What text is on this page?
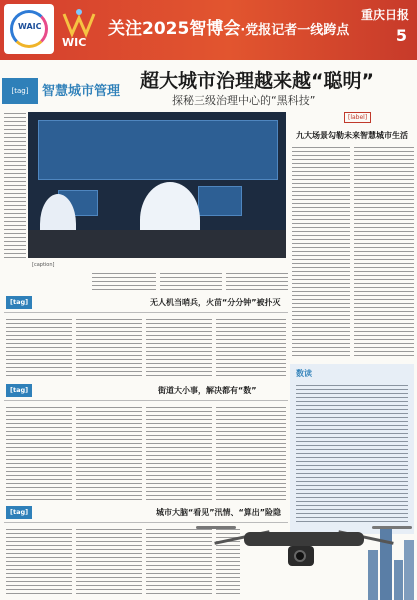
WAIC
WIC
关注2025智博会·党报记者一线跨点
重庆日报
5
[tag]	智慧城市管理 超大城市治理越来越“聪明”
探秘三级治理中心的“黑科技”
[caption]
[label]
九大场景勾勒未来智慧城市生活
[tag]	无人机当哨兵，火苗“分分钟”被扑灭
[tag]	街道大小事，解决都有“数”
[tag]	城市大脑“看见”汛情、“算出”险隐
数读
